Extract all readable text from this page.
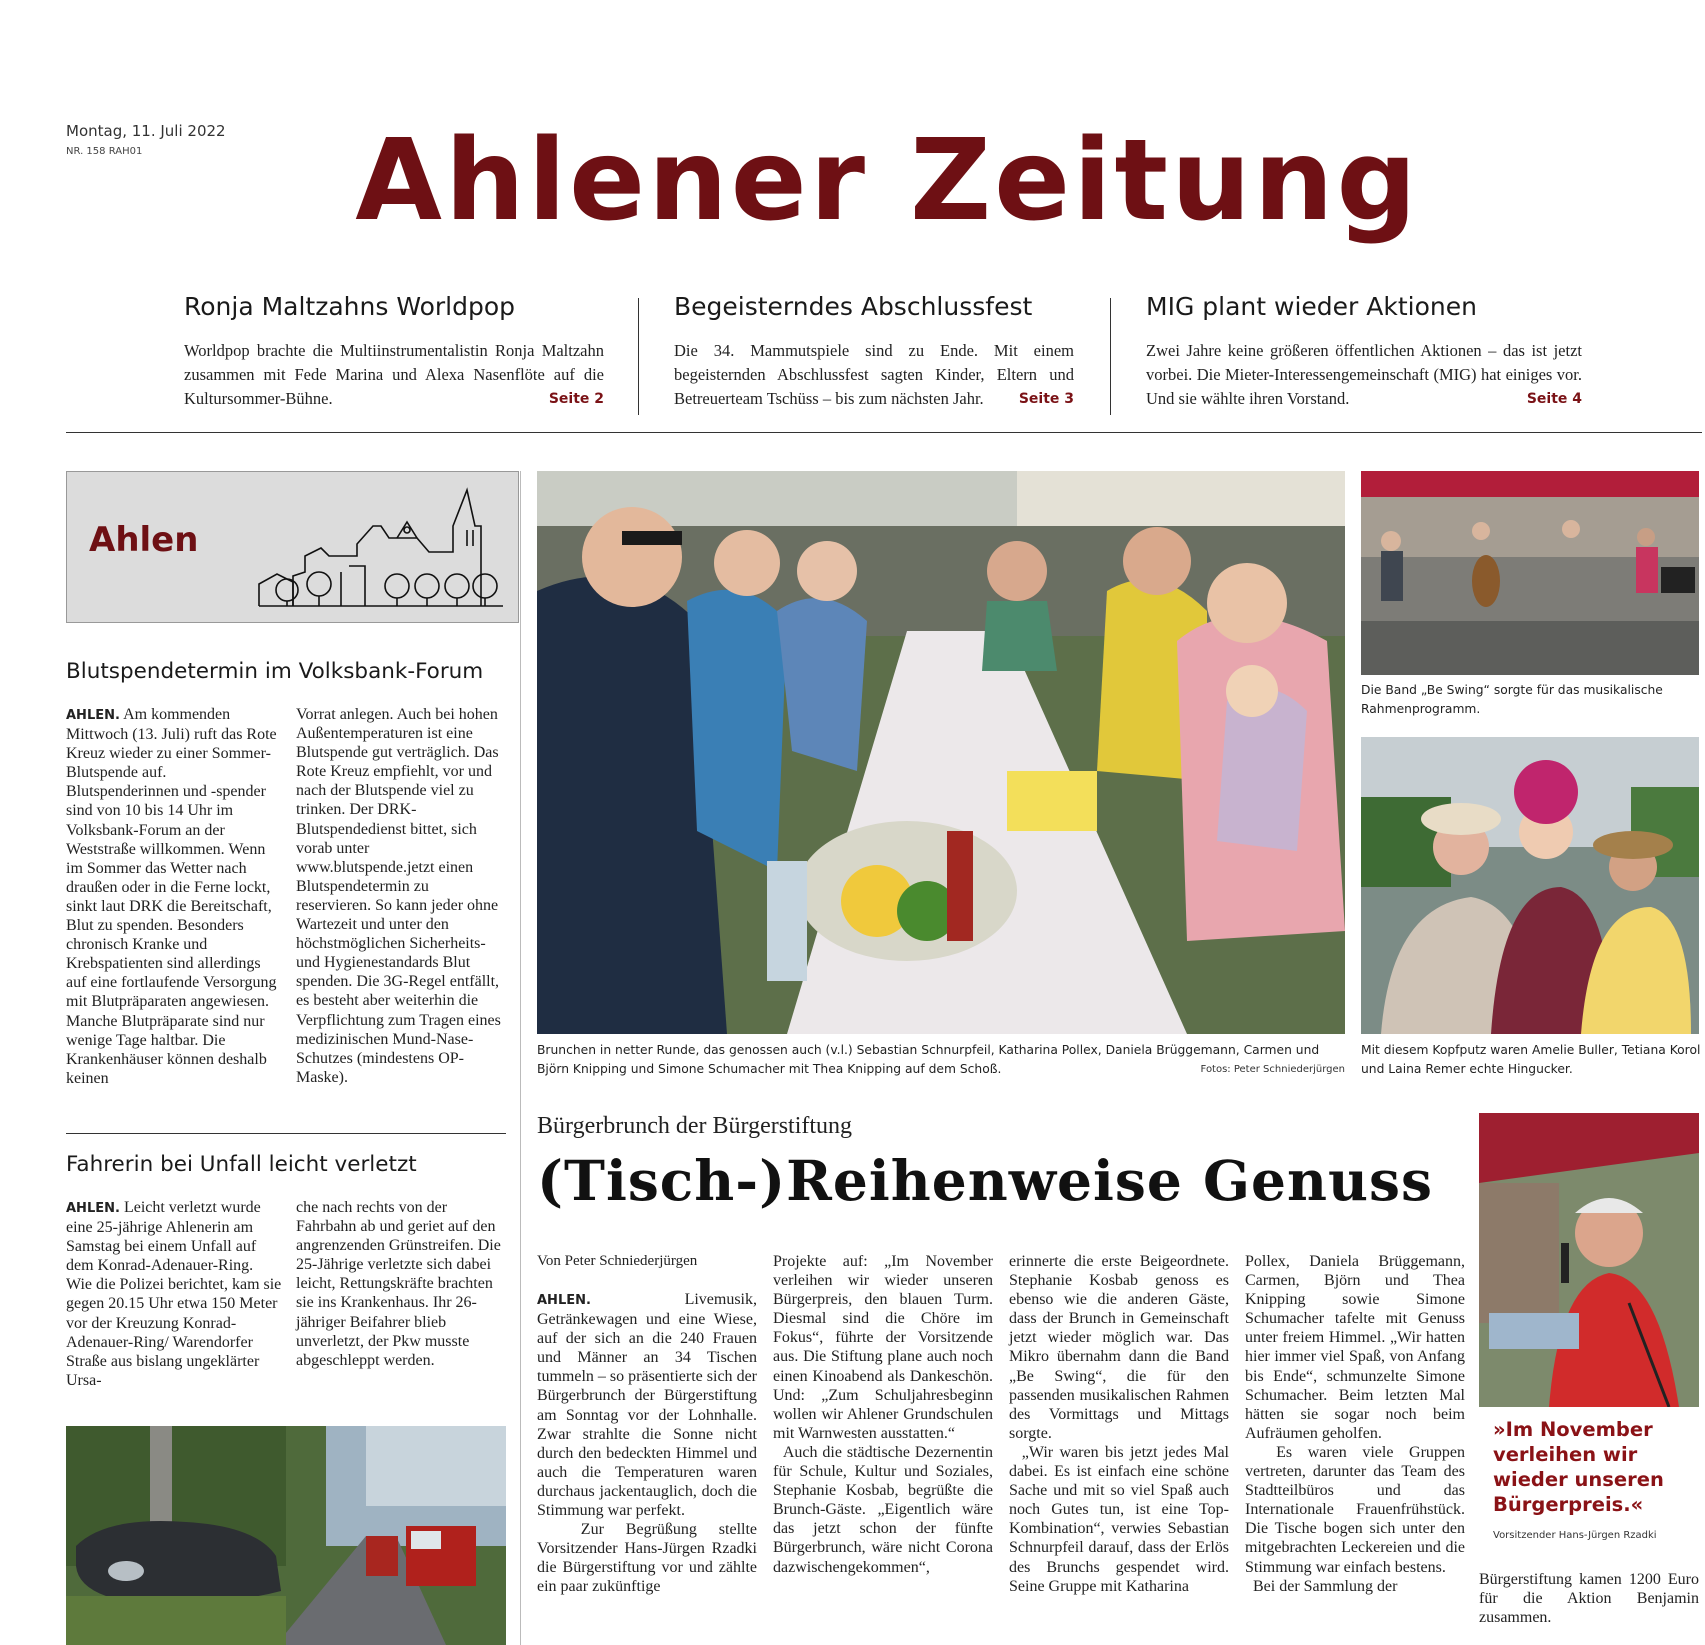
Montag, 11. Juli 2022
NR. 158 RAH01	Ahlener Zeitung
Ronja Maltzahns Worldpop

Worldpop brachte die Multiinstrumentalistin Ronja Maltzahn zusammen mit Fede Marina und Alexa Nasenflöte auf die Kultursommer-Bühne.	Seite 2

Begeisterndes Abschlussfest

Die 34. Mammutspiele sind zu Ende. Mit einem begeisternden Abschlussfest sagten Kinder, Eltern und Betreuerteam Tschüss – bis zum nächsten Jahr.	Seite 3

MIG plant wieder Aktionen

Zwei Jahre keine größeren öffentlichen Aktionen – das ist jetzt vorbei. Die Mieter-Interessengemeinschaft (MIG) hat einiges vor. Und sie wählte ihren Vorstand.	Seite 4

Ahlen
Blutspendetermin im Volksbank-Forum
AHLEN. Am kommenden Mittwoch (13. Juli) ruft das Rote Kreuz wieder zu einer Sommer-Blutspende auf. Blutspenderinnen und -spender sind von 10 bis 14 Uhr im Volksbank-Forum an der Weststraße willkommen. Wenn im Sommer das Wetter nach draußen oder in die Ferne lockt, sinkt laut DRK die Bereitschaft, Blut zu spenden. Besonders chronisch Kranke und Krebspatienten sind allerdings auf eine fortlaufende Versorgung mit Blutpräparaten angewiesen. Manche Blutpräparate sind nur wenige Tage haltbar. Die Krankenhäuser können deshalb keinen
Vorrat anlegen. Auch bei hohen Außentemperaturen ist eine Blutspende gut verträglich. Das Rote Kreuz empfiehlt, vor und nach der Blutspende viel zu trinken. Der DRK-Blutspendedienst bittet, sich vorab unter www.blutspende.jetzt einen Blutspendetermin zu reservieren. So kann jeder ohne Wartezeit und unter den höchstmöglichen Sicherheits- und Hygienestandards Blut spenden. Die 3G-Regel entfällt, es besteht aber weiterhin die Verpflichtung zum Tragen eines medizinischen Mund-Nase-Schutzes (mindestens OP-Maske).
Fahrerin bei Unfall leicht verletzt
AHLEN. Leicht verletzt wurde eine 25-jährige Ahlenerin am Samstag bei einem Unfall auf dem Konrad-Adenauer-Ring. Wie die Polizei berichtet, kam sie gegen 20.15 Uhr etwa 150 Meter vor der Kreuzung Konrad-Adenauer-Ring/ Warendorfer Straße aus bislang ungeklärter Ursa-
che nach rechts von der Fahrbahn ab und geriet auf den angrenzenden Grünstreifen. Die 25-Jährige verletzte sich dabei leicht, Rettungskräfte brachten sie ins Krankenhaus. Ihr 26-jähriger Beifahrer blieb unverletzt, der Pkw musste abgeschleppt werden.
Brunchen in netter Runde, das genossen auch (v.l.) Sebastian Schnurpfeil, Katharina Pollex, Daniela Brüggemann, Carmen und Björn Knipping und Simone Schumacher mit Thea Knipping auf dem Schoß.	Fotos: Peter Schniederjürgen
Die Band „Be Swing“ sorgte für das musikalische Rahmenprogramm.
Mit diesem Kopfputz waren Amelie Buller, Tetiana Korol und Laina Remer echte Hingucker.
Bürgerbrunch der Bürgerstiftung
(Tisch-)Reihenweise Genuss
Von Peter Schniederjürgen
AHLEN.	Livemusik, Getränkewagen und eine Wiese, auf der sich an die 240 Frauen und Männer an 34 Tischen tummeln – so präsentierte sich der Bürgerbrunch der Bürgerstiftung am Sonntag vor der Lohnhalle. Zwar strahlte die Sonne nicht durch den bedeckten Himmel und auch die Temperaturen waren durchaus jackentauglich, doch die Stimmung war perfekt.
Zur Begrüßung stellte Vorsitzender Hans-Jürgen Rzadki die Bürgerstiftung vor und zählte ein paar zukünftige
Projekte auf: „Im November verleihen wir wieder unseren Bürgerpreis, den blauen Turm. Diesmal sind die Chöre im Fokus“, führte der Vorsitzende aus. Die Stiftung plane auch noch einen Kinoabend als Dankeschön. Und: „Zum Schuljahresbeginn wollen wir Ahlener Grundschulen mit Warnwesten ausstatten.“
Auch die städtische Dezernentin für Schule, Kultur und Soziales, Stephanie Kosbab, begrüßte die Brunch-Gäste. „Eigentlich wäre das jetzt schon der fünfte Bürgerbrunch, wäre nicht Corona dazwischengekommen“,
erinnerte die erste Beigeordnete. Stephanie Kosbab genoss es ebenso wie die anderen Gäste, dass der Brunch in Gemeinschaft jetzt wieder möglich war. Das Mikro übernahm dann die Band „Be Swing“, die für den passenden musikalischen Rahmen des Vormittags und Mittags sorgte.
„Wir waren bis jetzt jedes Mal dabei. Es ist einfach eine schöne Sache und mit so viel Spaß auch noch Gutes tun, ist eine Top-Kombination“, verwies Sebastian Schnurpfeil darauf, dass der Erlös des Brunchs gespendet wird. Seine Gruppe mit Katharina
Pollex, Daniela Brüggemann, Carmen, Björn und Thea Knipping sowie Simone Schumacher tafelte mit Genuss unter freiem Himmel. „Wir hatten hier immer viel Spaß, von Anfang bis Ende“, schmunzelte Simone Schumacher. Beim letzten Mal hätten sie sogar noch beim Aufräumen geholfen.
Es waren viele Gruppen vertreten, darunter das Team des Stadtteilbüros und das Internationale Frauenfrühstück. Die Tische bogen sich unter den mitgebrachten Leckereien und die Stimmung war einfach bestens.
Bei der Sammlung der
»Im November verleihen wir wieder unseren Bürgerpreis.«
Vorsitzender Hans-Jürgen Rzadki
Bürgerstiftung kamen 1200 Euro für die Aktion Benjamin zusammen.
